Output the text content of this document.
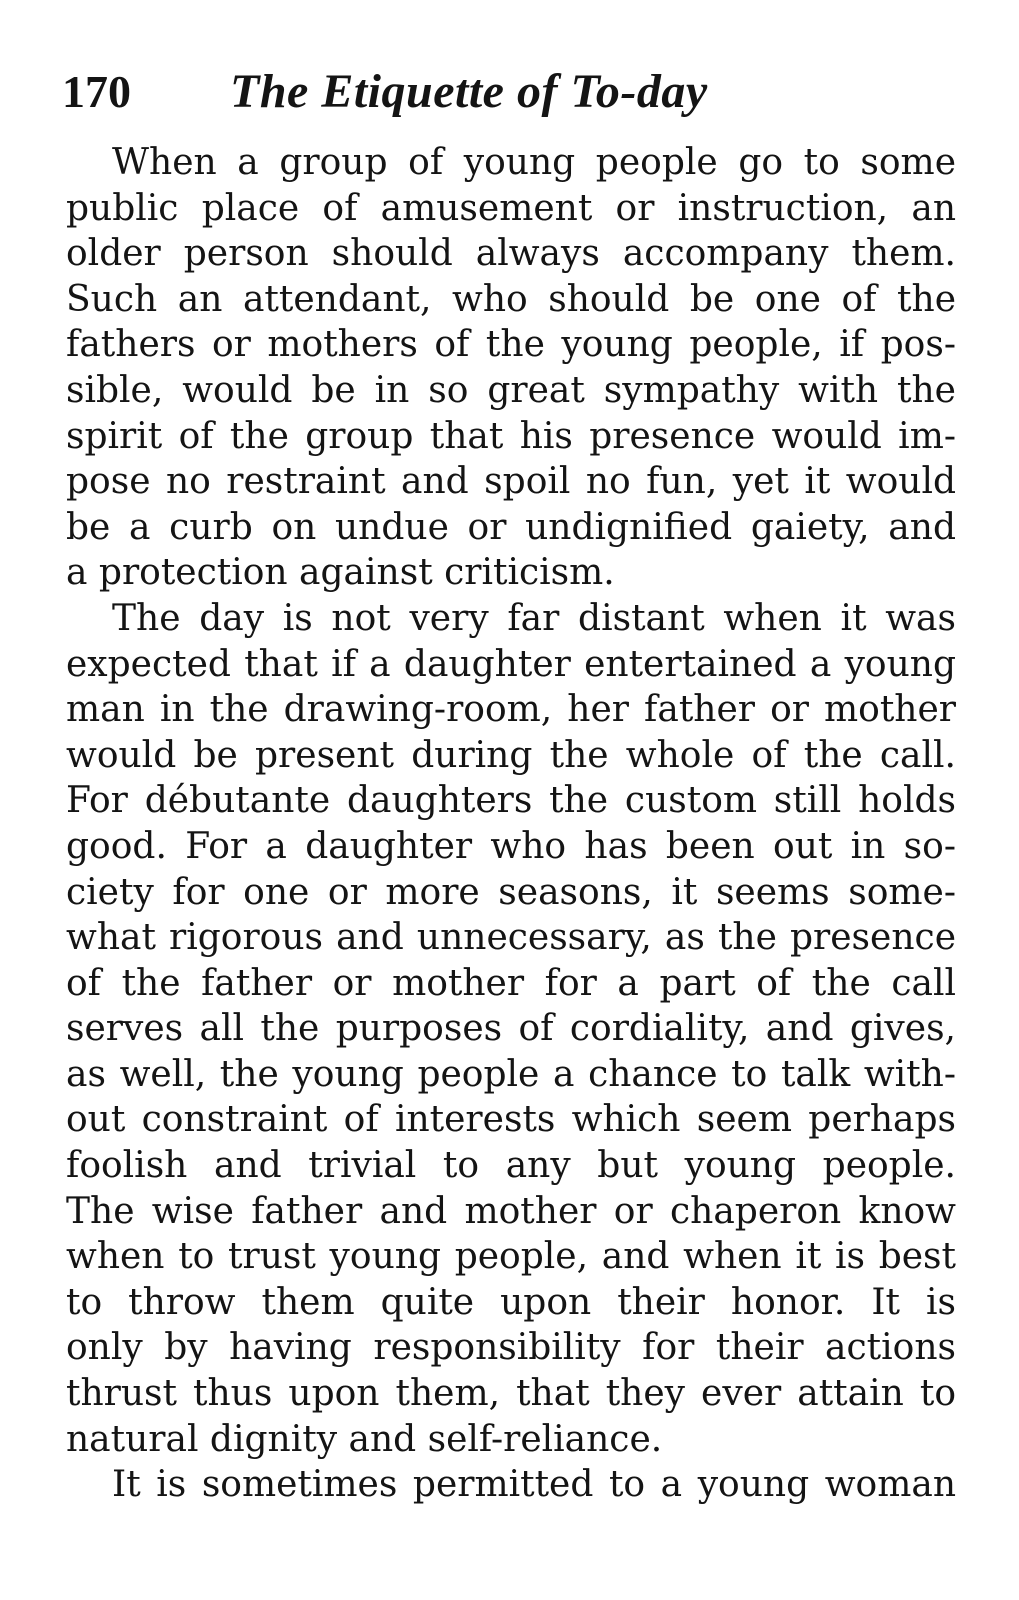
170 The Etiquette of To-day
When a group of young people go to some
public place of amusement or instruction, an
older person should always accompany them.
Such an attendant, who should be one of the
fathers or mothers of the young people, if pos-
sible, would be in so great sympathy with the
spirit of the group that his presence would im-
pose no restraint and spoil no fun, yet it would
be a curb on undue or undignified gaiety, and
a protection against criticism.
The day is not very far distant when it was
expected that if a daughter entertained a young
man in the drawing-room, her father or mother
would be present during the whole of the call.
For débutante daughters the custom still holds
good. For a daughter who has been out in so-
ciety for one or more seasons, it seems some-
what rigorous and unnecessary, as the presence
of the father or mother for a part of the call
serves all the purposes of cordiality, and gives,
as well, the young people a chance to talk with-
out constraint of interests which seem perhaps
foolish and trivial to any but young people.
The wise father and mother or chaperon know
when to trust young people, and when it is best
to throw them quite upon their honor. It is
only by having responsibility for their actions
thrust thus upon them, that they ever attain to
natural dignity and self-reliance.
It is sometimes permitted to a young woman
